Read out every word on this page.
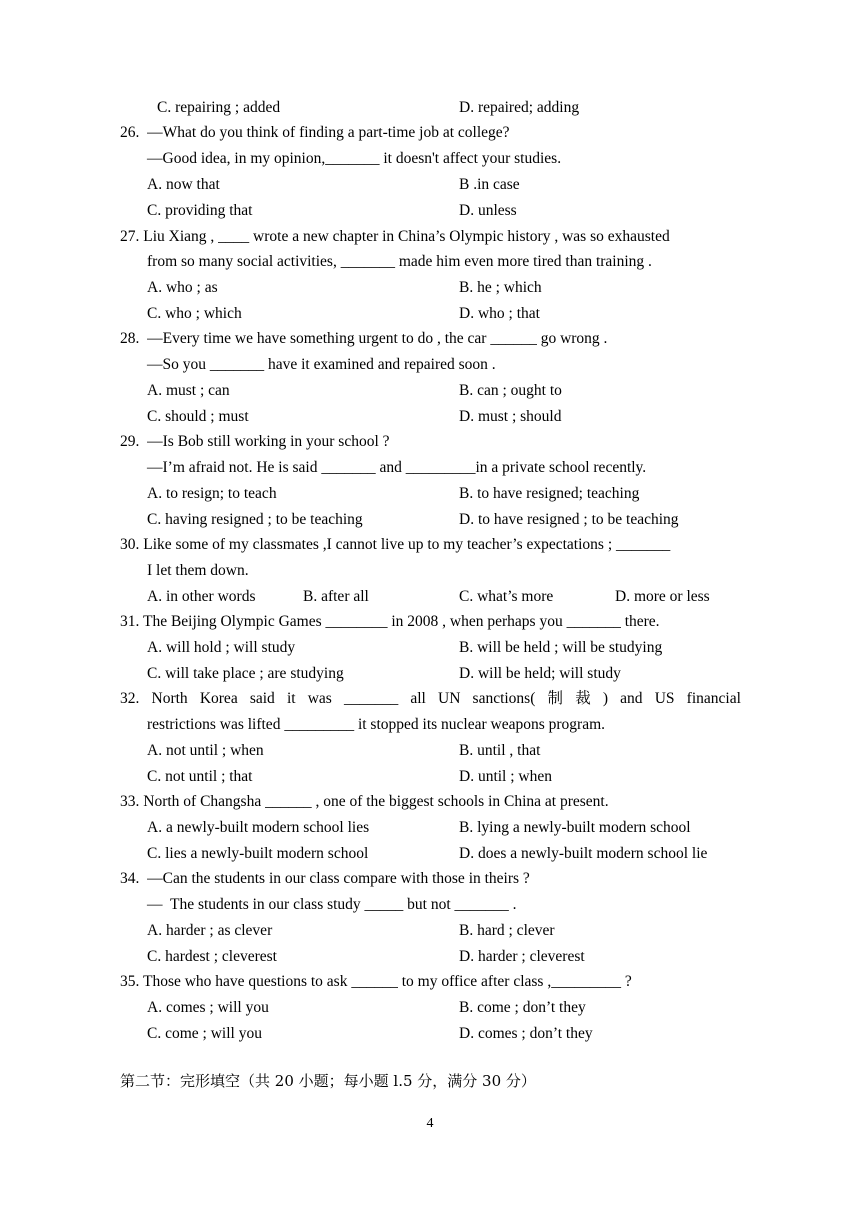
C. repairing ; added	D. repaired; adding
26.  —What do you think of finding a part-time job at college?
—Good idea, in my opinion,_______ it doesn't affect your studies.
A. now that	B .in case
C. providing that	D. unless
27. Liu Xiang , ____ wrote a new chapter in China’s Olympic history , was so exhausted
from so many social activities, _______ made him even more tired than training .
A. who ; as	B. he ; which
C. who ; which	D. who ; that
28.  —Every time we have something urgent to do , the car ______ go wrong .
—So you _______ have it examined and repaired soon .
A. must ; can	B. can ; ought to
C. should ; must	D. must ; should
29.  —Is Bob still working in your school ?
—I’m afraid not. He is said _______ and _________in a private school recently.
A. to resign; to teach	B. to have resigned; teaching
C. having resigned ; to be teaching	D. to have resigned ; to be teaching
30. Like some of my classmates ,I cannot live up to my teacher’s expectations ; _______
I let them down.
A. in other words	B. after all	C. what’s more	D. more or less
31. The Beijing Olympic Games ________ in 2008 , when perhaps you _______ there.
A. will hold ; will study	B. will be held ; will be studying
C. will take place ; are studying	D. will be held; will study
32. North Korea said it was _______ all UN sanctions( 制 裁 ) and US financial
restrictions was lifted _________ it stopped its nuclear weapons program.
A. not until ; when	B. until , that
C. not until ; that	D. until ; when
33. North of Changsha ______ , one of the biggest schools in China at present.
A. a newly-built modern school lies	B. lying a newly-built modern school
C. lies a newly-built modern school	D. does a newly-built modern school lie
34.  —Can the students in our class compare with those in theirs ?
—  The students in our class study _____ but not _______ .
A. harder ; as clever	B. hard ; clever
C. hardest ; cleverest	D. harder ; cleverest
35. Those who have questions to ask ______ to my office after class ,_________ ?
A. comes ; will you	B. come ; don’t they
C. come ; will you	D. comes ; don’t they
第二节：完形填空（共 20 小题；每小题 l.5 分，满分 30 分）
4
